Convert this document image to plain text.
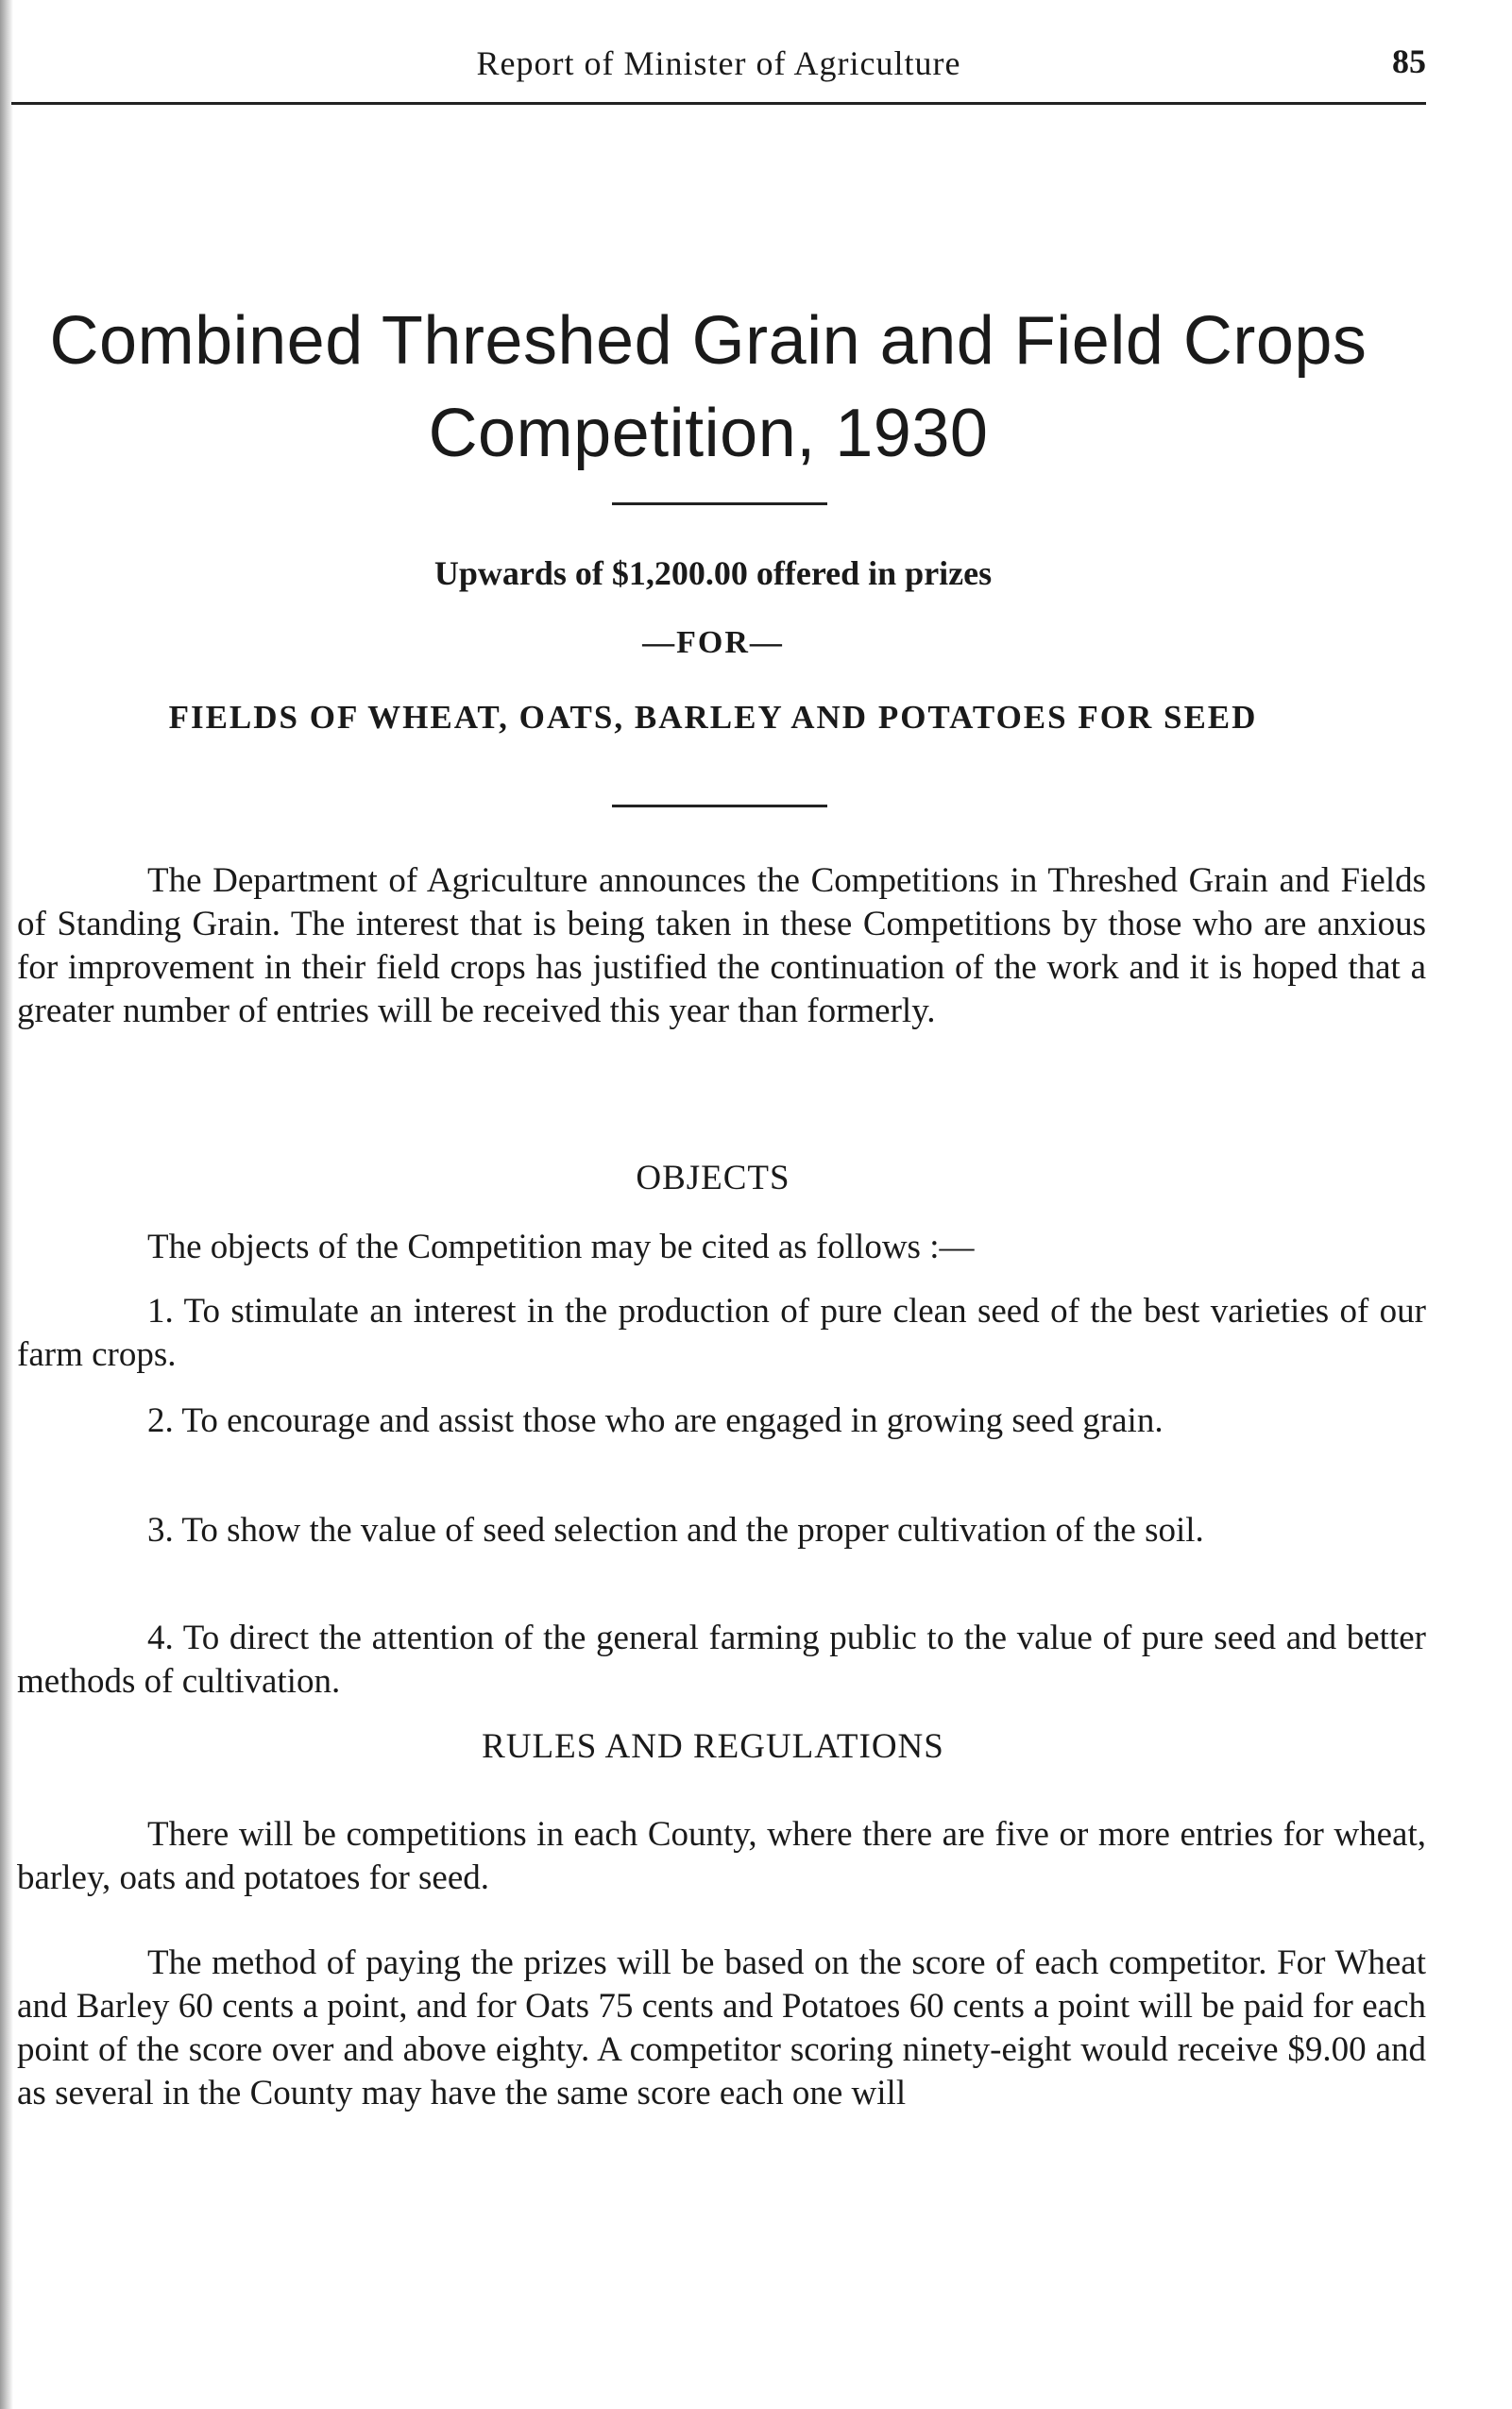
Report of Minister of Agriculture	85
Combined Threshed Grain and Field Crops
Competition, 1930
Upwards of $1,200.00 offered in prizes
—FOR—
FIELDS OF WHEAT, OATS, BARLEY AND POTATOES FOR SEED

The Department of Agriculture announces the Competitions in Threshed Grain and Fields of Standing Grain. The interest that is being taken in these Competitions by those who are anxious for improvement in their field crops has justified the continuation of the work and it is hoped that a greater number of entries will be received this year than formerly.

OBJECTS

The objects of the Competition may be cited as follows :—

1. To stimulate an interest in the production of pure clean seed of the best varieties of our farm crops.

2. To encourage and assist those who are engaged in growing seed grain.

3. To show the value of seed selection and the proper cultivation of the soil.

4. To direct the attention of the general farming public to the value of pure seed and better methods of cultivation.

RULES AND REGULATIONS

There will be competitions in each County, where there are five or more entries for wheat, barley, oats and potatoes for seed.

The method of paying the prizes will be based on the score of each competitor. For Wheat and Barley 60 cents a point, and for Oats 75 cents and Potatoes 60 cents a point will be paid for each point of the score over and above eighty. A competitor scoring ninety-eight would receive $9.00 and as several in the County may have the same score each one will
